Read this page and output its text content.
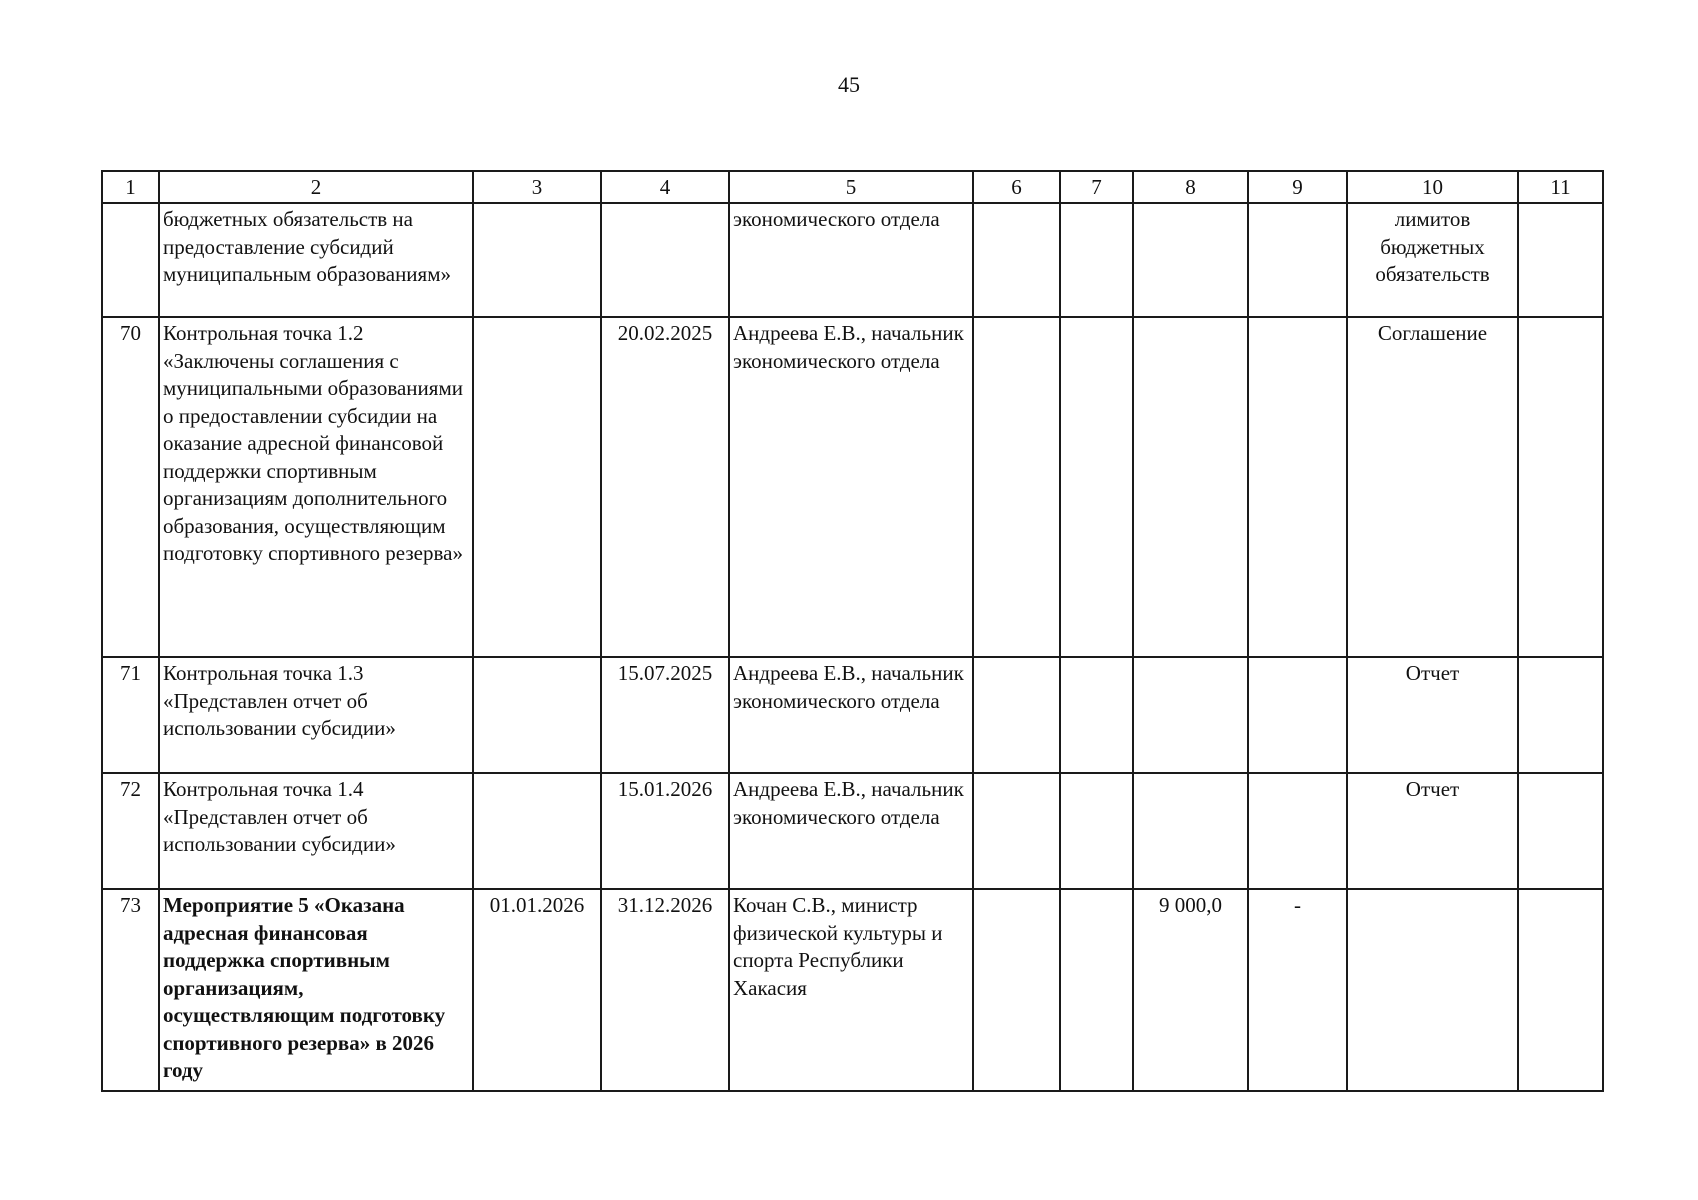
45
1	2	3	4	5	6	7	8	9	10	11
	бюджетных обязательств на предоставление субсидий муниципальным образованиям»			экономического отдела					лимитов бюджетных обязательств	
70	Контрольная точка 1.2 «Заключены соглашения с муниципальными образованиями о предоставлении субсидии на оказание адресной финансовой поддержки спортивным организациям дополнительного образования, осуществляющим подготовку спортивного резерва»		20.02.2025	Андреева Е.В., начальник экономического отдела					Соглашение	
71	Контрольная точка 1.3 «Представлен отчет об использовании субсидии»		15.07.2025	Андреева Е.В., начальник экономического отдела					Отчет	
72	Контрольная точка 1.4 «Представлен отчет об использовании субсидии»		15.01.2026	Андреева Е.В., начальник экономического отдела					Отчет	
73	Мероприятие 5 «Оказана адресная финансовая поддержка спортивным организациям, осуществляющим подготовку спортивного резерва» в 2026 году	01.01.2026	31.12.2026	Кочан С.В., министр физической культуры и спорта Республики Хакасия			9 000,0	-		
